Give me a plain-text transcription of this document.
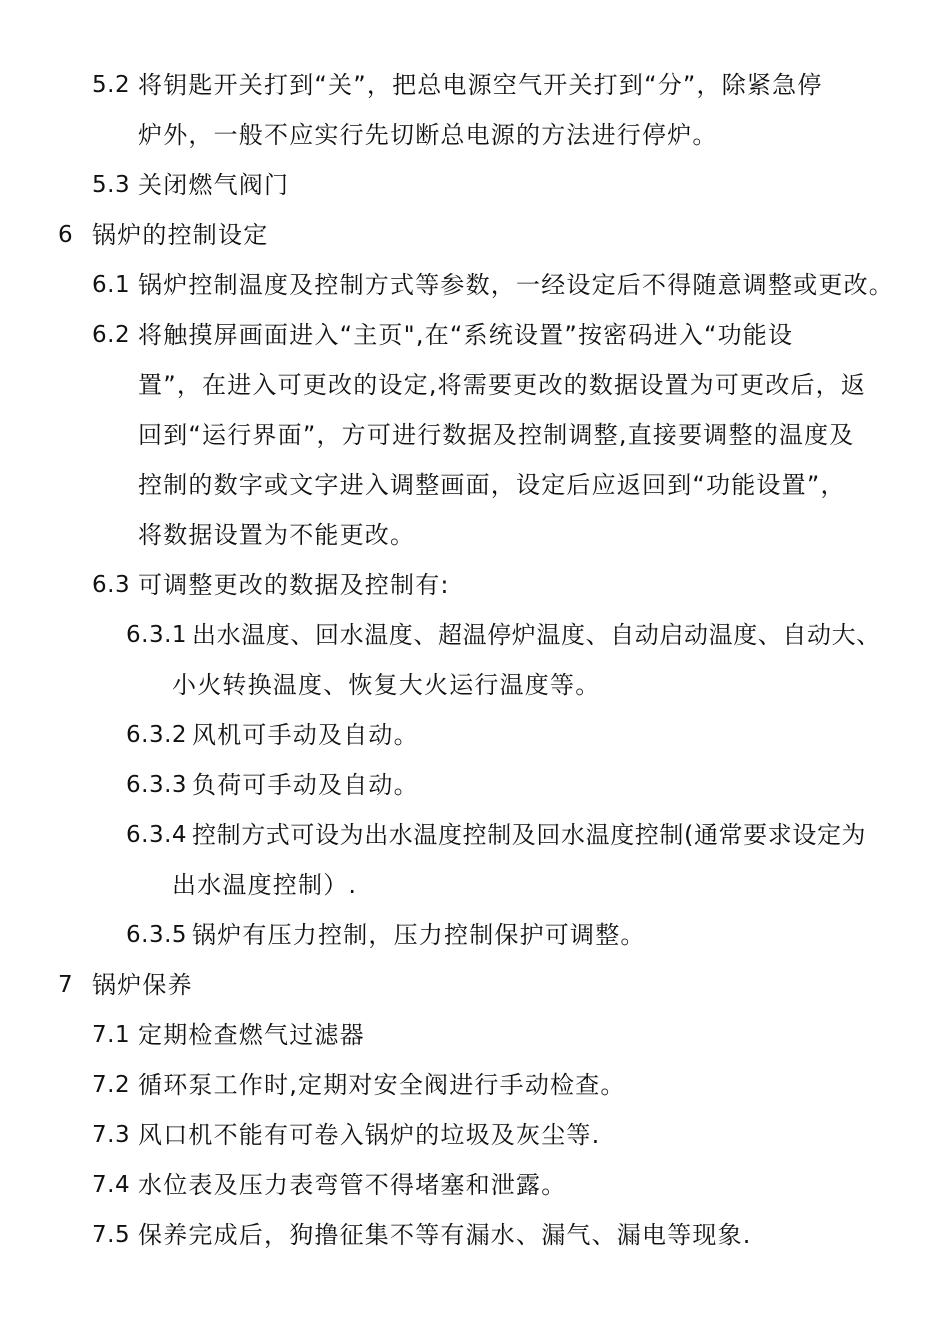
5.2 将钥匙开关打到“关”，把总电源空气开关打到“分”，除紧急停
炉外，一般不应实行先切断总电源的方法进行停炉。
5.3 关闭燃气阀门
6 锅炉的控制设定
6.1 锅炉控制温度及控制方式等参数，一经设定后不得随意调整或更改。
6.2 将触摸屏画面进入“主页",在“系统设置”按密码进入“功能设
置”，在进入可更改的设定,将需要更改的数据设置为可更改后，返
回到“运行界面”，方可进行数据及控制调整,直接要调整的温度及
控制的数字或文字进入调整画面，设定后应返回到“功能设置”，
将数据设置为不能更改。
6.3 可调整更改的数据及控制有:
6.3.1 出水温度、回水温度、超温停炉温度、自动启动温度、自动大、
小火转换温度、恢复大火运行温度等。
6.3.2 风机可手动及自动。
6.3.3 负荷可手动及自动。
6.3.4 控制方式可设为出水温度控制及回水温度控制(通常要求设定为
出水温度控制）.
6.3.5 锅炉有压力控制，压力控制保护可调整。
7 锅炉保养
7.1 定期检查燃气过滤器
7.2 循环泵工作时,定期对安全阀进行手动检查。
7.3 风口机不能有可卷入锅炉的垃圾及灰尘等.
7.4 水位表及压力表弯管不得堵塞和泄露。
7.5 保养完成后，狗撸征集不等有漏水、漏气、漏电等现象.
